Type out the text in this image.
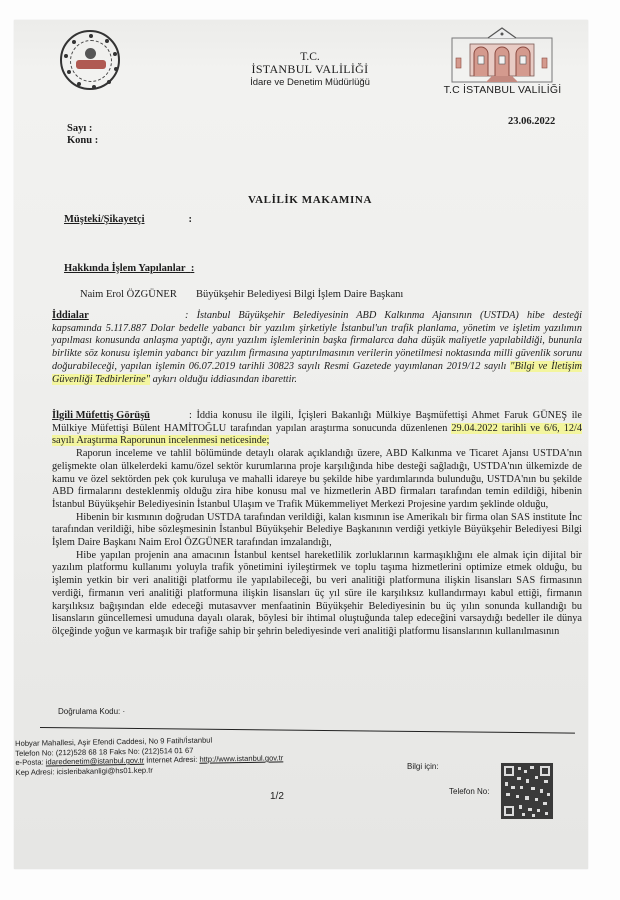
T.C.
İSTANBUL VALİLİĞİ
İdare ve Denetim Müdürlüğü
T.C İSTANBUL VALİLİĞİ
Sayı :
Konu :
23.06.2022
VALİLİK MAKAMINA
Müşteki/Şikayetçi	:
Hakkında İşlem Yapılanlar :
Naim Erol ÖZGÜNER Büyükşehir Belediyesi Bilgi İşlem Daire Başkanı
İddialar	: İstanbul Büyükşehir Belediyesinin ABD Kalkınma Ajansının (USTDA) hibe desteği kapsamında 5.117.887 Dolar bedelle yabancı bir yazılım şirketiyle İstanbul'un trafik planlama, yönetim ve işletim yazılımın yapılması konusunda anlaşma yaptığı, aynı yazılım işlemlerinin başka firmalarca daha düşük maliyetle yapılabildiği, bununla birlikte söz konusu işlemin yabancı bir yazılım firmasına yaptırılmasının verilerin yönetilmesi noktasında milli güvenlik sorunu doğurabileceği, yapılan işlemin 06.07.2019 tarihli 30823 sayılı Resmi Gazetede yayımlanan 2019/12 sayılı "Bilgi ve İletişim Güvenliği Tedbirlerine" aykırı olduğu iddiasından ibarettir.
İlgili Müfettiş Görüşü	: İddia konusu ile ilgili, İçişleri Bakanlığı Mülkiye Başmüfettişi Ahmet Faruk GÜNEŞ ile Mülkiye Müfettişi Bülent HAMİTOĞLU tarafından yapılan araştırma sonucunda düzenlenen 29.04.2022 tarihli ve 6/6, 12/4 sayılı Araştırma Raporunun incelenmesi neticesinde;
Raporun inceleme ve tahlil bölümünde detaylı olarak açıklandığı üzere, ABD Kalkınma ve Ticaret Ajansı USTDA'nın gelişmekte olan ülkelerdeki kamu/özel sektör kurumlarına proje karşılığında hibe desteği sağladığı, USTDA'nın ülkemizde de kamu ve özel sektörden pek çok kuruluşa ve mahalli idareye bu şekilde hibe yardımlarında bulunduğu, USTDA'nın bu şekilde ABD firmalarını desteklenmiş olduğu zira hibe konusu mal ve hizmetlerin ABD firmaları tarafından temin edildiği, hibenin İstanbul Büyükşehir Belediyesinin İstanbul Ulaşım ve Trafik Mükemmeliyet Merkezi Projesine yardım şeklinde olduğu,
Hibenin bir kısmının doğrudan USTDA tarafından verildiği, kalan kısmının ise Amerikalı bir firma olan SAS institute İnc tarafından verildiği, hibe sözleşmesinin İstanbul Büyükşehir Belediye Başkanının verdiği yetkiyle Büyükşehir Belediyesi Bilgi İşlem Daire Başkanı Naim Erol ÖZGÜNER tarafından imzalandığı,
Hibe yapılan projenin ana amacının İstanbul kentsel hareketlilik zorluklarının karmaşıklığını ele almak için dijital bir yazılım platformu kullanımı yoluyla trafik yönetimini iyileştirmek ve toplu taşıma hizmetlerini optimize etmek olduğu, bu işlemin yetkin bir veri analitiği platformu ile yapılabileceği, bu veri analitiği platformuna ilişkin lisansları SAS firmasının verdiği, firmanın veri analitiği platformuna ilişkin lisansları üç yıl süre ile karşılıksız kullandırmayı kabul ettiği, firmanın karşılıksız bağışından elde edeceği mutasavver menfaatinin Büyükşehir Belediyesinin bu üç yılın sonunda kullandığı bu lisansların güncellemesi umuduna dayalı olarak, böylesi bir ihtimal oluştuğunda talep edeceğini varsaydığı bedeller ile dünya ölçeğinde yoğun ve karmaşık bir trafiğe sahip bir şehrin belediyesinde veri analitiği platformu lisanslarının kullanılmasının
Doğrulama Kodu: ·
Hobyar Mahallesi, Aşir Efendi Caddesi, No 9 Fatih/İstanbul
Telefon No: (212)528 68 18 Faks No: (212)514 01 67
e-Posta: idaredenetim@istanbul.gov.tr İnternet Adresi: http://www.istanbul.gov.tr
Kep Adresi: icisleribakanligi@hs01.kep.tr
1/2
Bilgi için:
Telefon No:
